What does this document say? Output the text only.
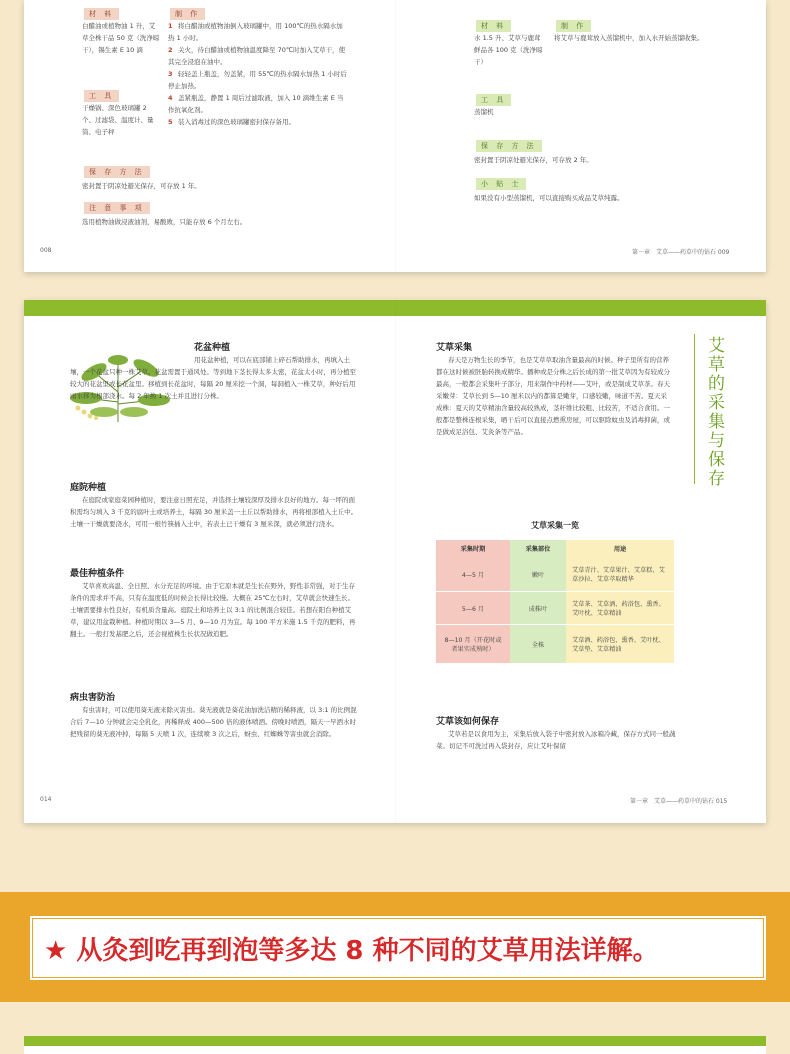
材 料
白醋油或植物油 1 升，艾草全株干品 50 克（洗净晾干），锡生素 E 10 滴
制 作
1 将白醋油或植物油倒入玻璃罐中，用 100℃的热水隔水加热 1 小时。
2 关火，待白醋油或植物油温度降至 70℃时加入艾草干，使其完全浸泡在油中。
3 轻轻盖上瓶盖，勿盖紧，用 55℃的热水隔水加热 1 小时后停止加热。
4 盖紧瓶盖，静置 1 周后过滤取液，加入 10 滴维生素 E 当作抗氧化剂。
5 装入消毒过的深色玻璃罐密封保存备用。
工 具
干燥锅、深色玻璃罐 2 个、过滤袋、温度计、量筒、电子秤
保 存 方 法
密封置于阴凉处避光保存，可存放 1 年。
注 意 事 项
选用植物油做浸液油剂，易酸败，只能存放 6 个月左右。
008
材 料
水 1.5 升、艾草与鹿茸鲜品各 100 克（洗净晾干）
制 作
将艾草与鹿茸放入蒸馏机中，加入水开始蒸馏收集。
工 具
蒸馏机
保 存 方 法
密封置于阴凉处避光保存，可存放 2 年。
小 贴 士
如果没有小型蒸馏机，可以直接购买成品艾草纯露。
第一章　艾草——药草中的钻石 009
花盆种植
用花盆种植，可以在底部铺上碎石帮助排水，再填入土壤，一个花盆只种一株艾草。花盆需置于通风处。等到地下茎长得太多太密，花盆太小时，再分植至较大的花盆里或长花盆里。移植到长花盆时，每隔 20 厘米挖一个洞，每洞植入一株艾草，种好后用雨水移为根部浇水。每 2 年换 1 次土并且进行分株。
庭院种植
在庭院或家庭菜园种植时，要注意日照充足，并选择土壤较深厚及排水良好的地方。每一坪的面积需均匀填入 3 千克的腐叶土或培养土，每隔 30 厘米盖一土丘以帮助排水，再将根部植入土丘中。土壤一干燥就要浇水，可用一根竹筷插入土中，若表土已干燥有 3 厘米深，就必须进行浇水。
最佳种植条件
艾草喜欢高温、全日照、水分充足的环境。由于它原本就是生长在野外，野性非常强，对于生存条件的需求并不高，只有在温度低的时候会长得比较慢。大概在 25℃左右时，艾草就会快速生长。土壤需要排水性良好，有机质含量高。庭院土和培养土以 3:1 的比例混合较佳。若想在阳台种植艾草，建议用盆栽种植。种植时期以 3—5 月、9—10 月为宜。每 100 平方米施 1.5 千克的肥料，再翻土。一般打发基肥之后，还会视植株生长状况做追肥。
病虫害防治
有虫害时，可以使用葵无液来除灭害虫。葵无液就是葵花油加洗洁精的稀释液，以 3:1 的比例混合后 7—10 分钟就会完全乳化，再稀释成 400—500 倍的液体喷洒。傍晚时喷洒，隔天一早洒水时把残留的葵无液冲掉，每隔 5 天喷 1 次，连续喷 3 次之后，蚜虫、红蜘蛛等害虫就会消除。
014
艾草采集
春天是万物生长的季节，也是艾草草取油含量最高的时候。种子里所有的营养都在这时候被胚胎转换成精华。播种或是分株之后长成的第一批艾草因为有较成分最高，一般都会采集叶子部分，用来制作中药材——艾叶，或是制成艾草茶。春天采嫩芽：艾草长到 5—10 厘米以内的都算是嫩芽，口感较嫩，味道不苦。夏天采成株：夏天的艾草精油含量较高较熟成，茎秆维比较粗、比较苦，不适合食用。一般都是整株连根采集，晒干后可以直接点燃熏房屋，可以驱除蚊虫及消毒抑菌，或是做成足浴包、艾灸条等产品。
艾草采集一览
采集时期	采集部位	用途
4—5 月	嫩叶	艾草青汁、艾草果汁、艾草糕、艾草沙拉、艾草萃取精华
5—6 月	成株叶	艾草茶、艾草酒、药浴包、熏香、艾叶枕、艾草精油
8—10 月（开花时或者果实成熟时）	全株	艾草酒、药浴包、熏香、艾叶枕、艾草垫、艾草精油
艾草该如何保存
艾草若是以食用为主，采集后放入袋子中密封放入冰箱冷藏，保存方式同一般蔬菜。切记不可洗过再入袋封存，应让艾叶保留
艾草的采集与保存
第一章　艾草——药草中的钻石 015
★ 从灸到吃再到泡等多达 8 种不同的艾草用法详解。
